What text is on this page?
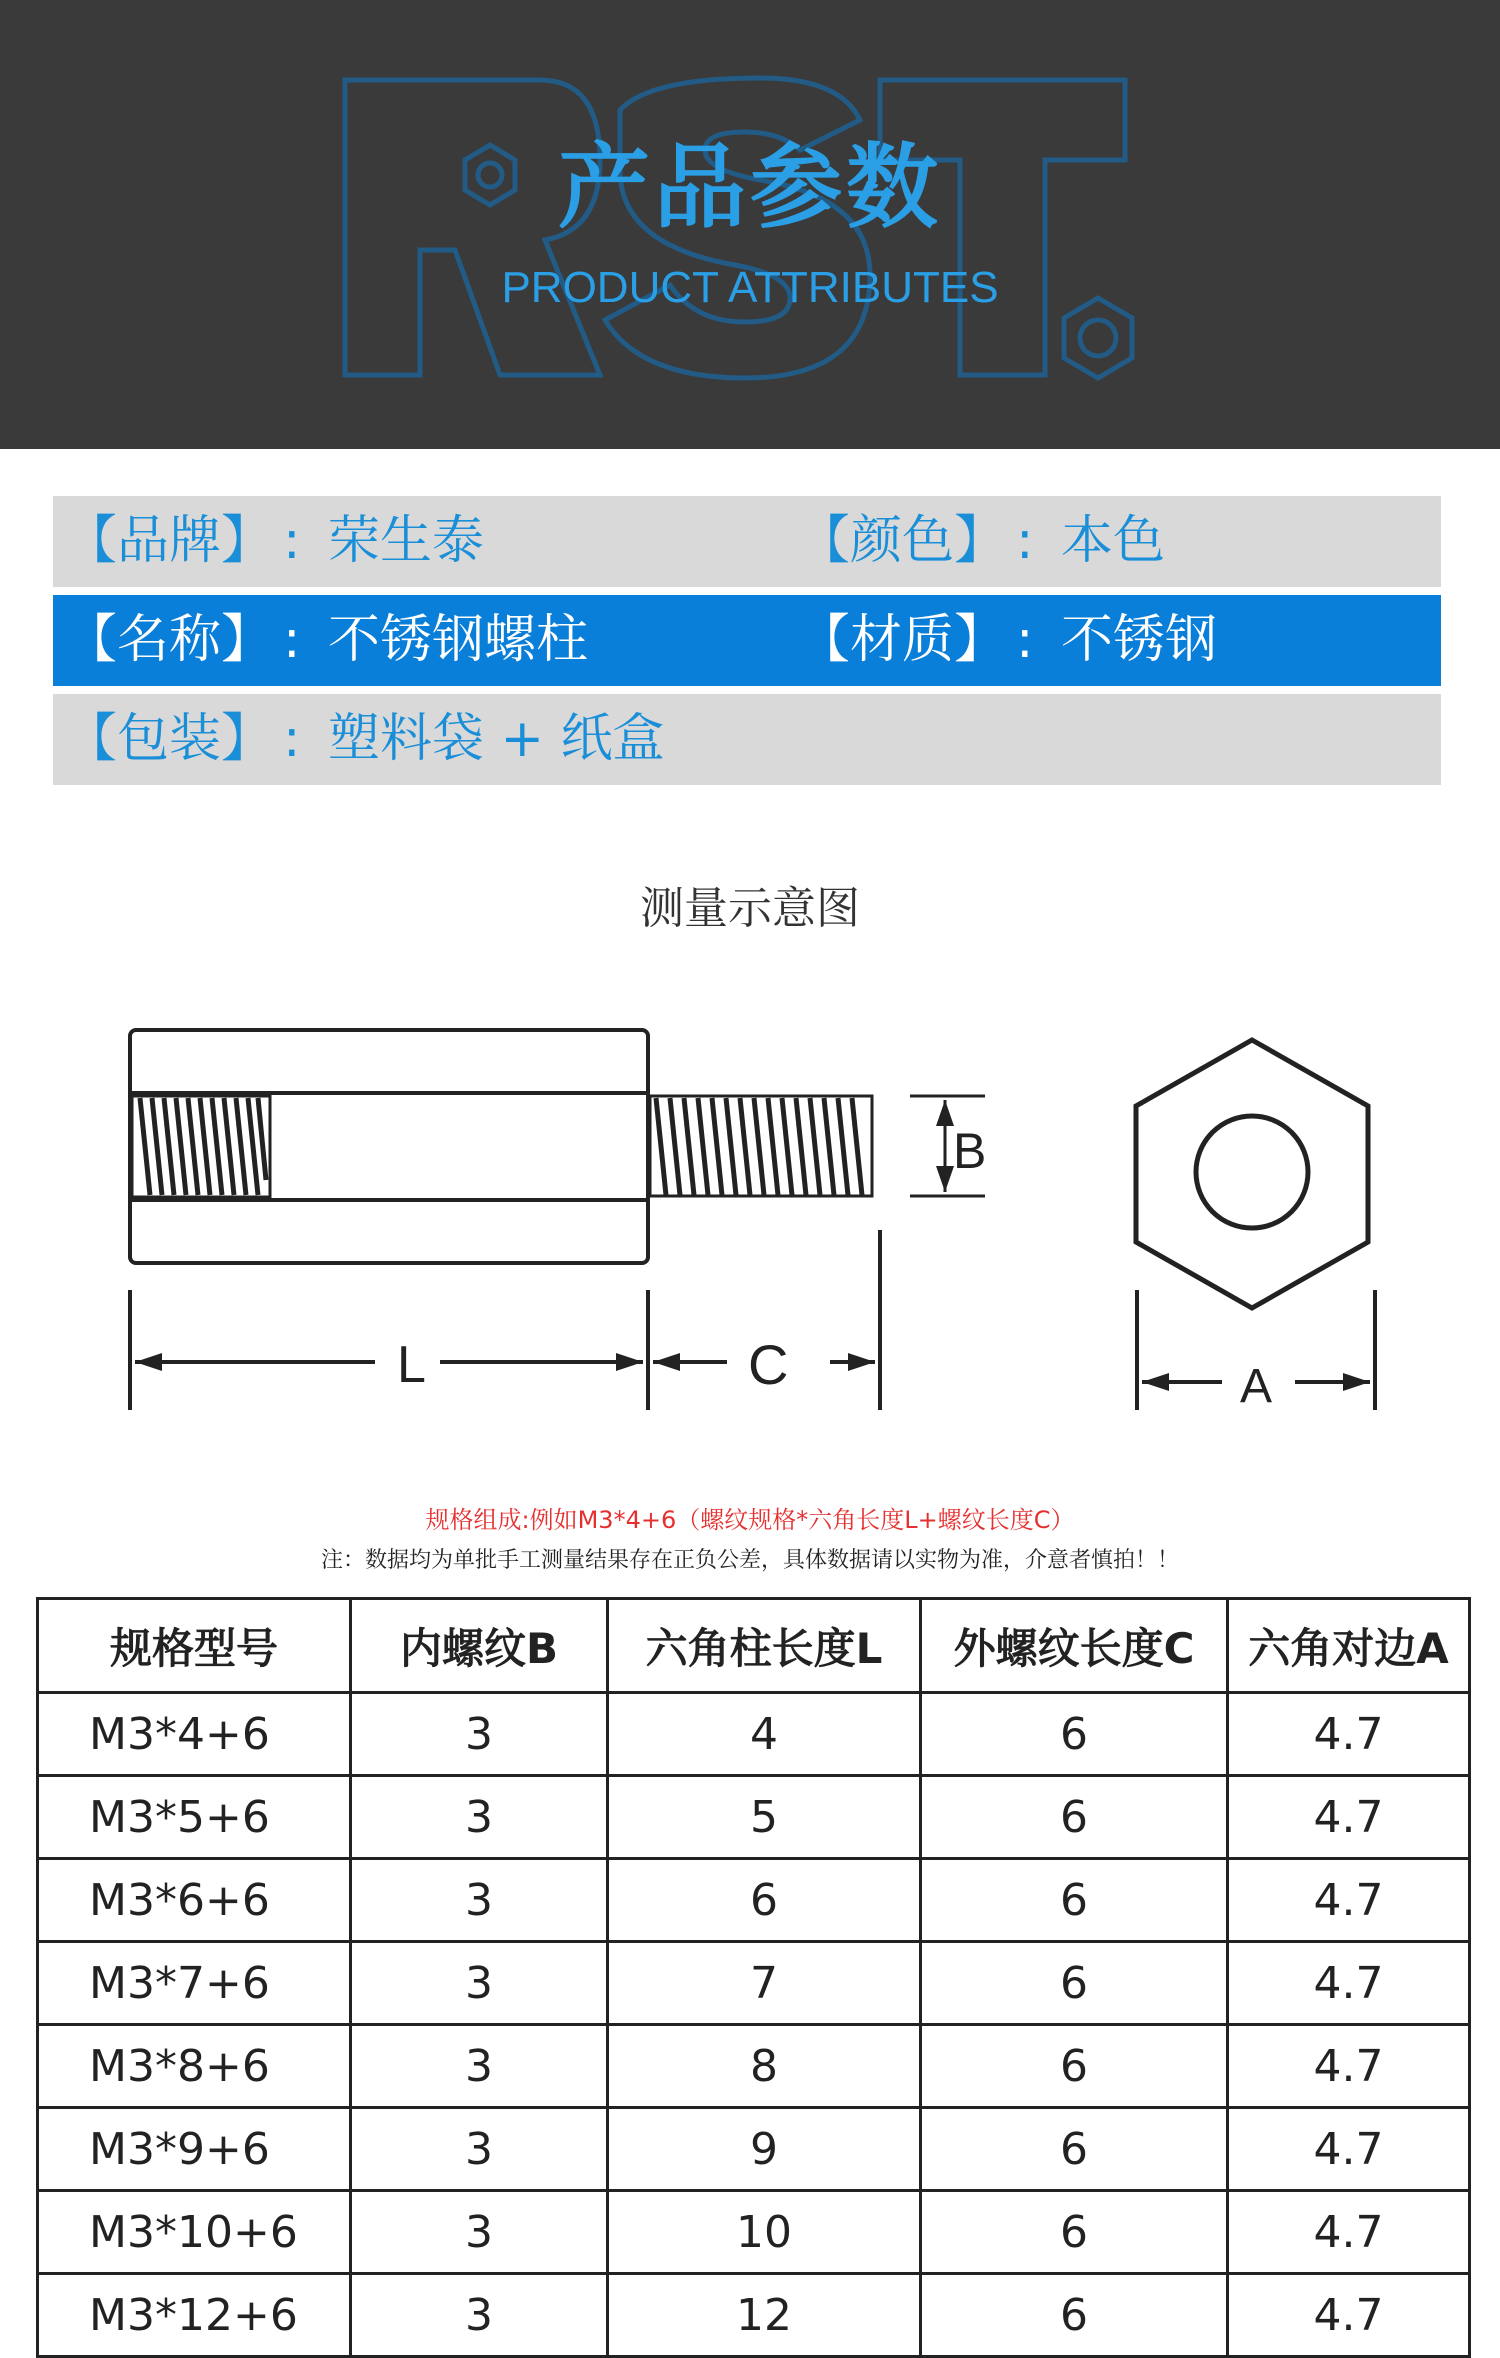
产品参数
PRODUCT ATTRIBUTES
【品牌】 : 荣生泰	【颜色】 : 本色
【名称】 : 不锈钢螺柱	【材质】 : 不锈钢
【包装】 : 塑料袋 + 纸盒
测量示意图
L	C
B
A
规格组成:例如M3*4+6（螺纹规格*六角长度L+螺纹长度C）
注：数据均为单批手工测量结果存在正负公差，具体数据请以实物为准，介意者慎拍！！
规格型号	内螺纹B	六角柱长度L	外螺纹长度C	六角对边A
M3*4+6	3	4	6	4.7
M3*5+6	3	5	6	4.7
M3*6+6	3	6	6	4.7
M3*7+6	3	7	6	4.7
M3*8+6	3	8	6	4.7
M3*9+6	3	9	6	4.7
M3*10+6	3	10	6	4.7
M3*12+6	3	12	6	4.7
